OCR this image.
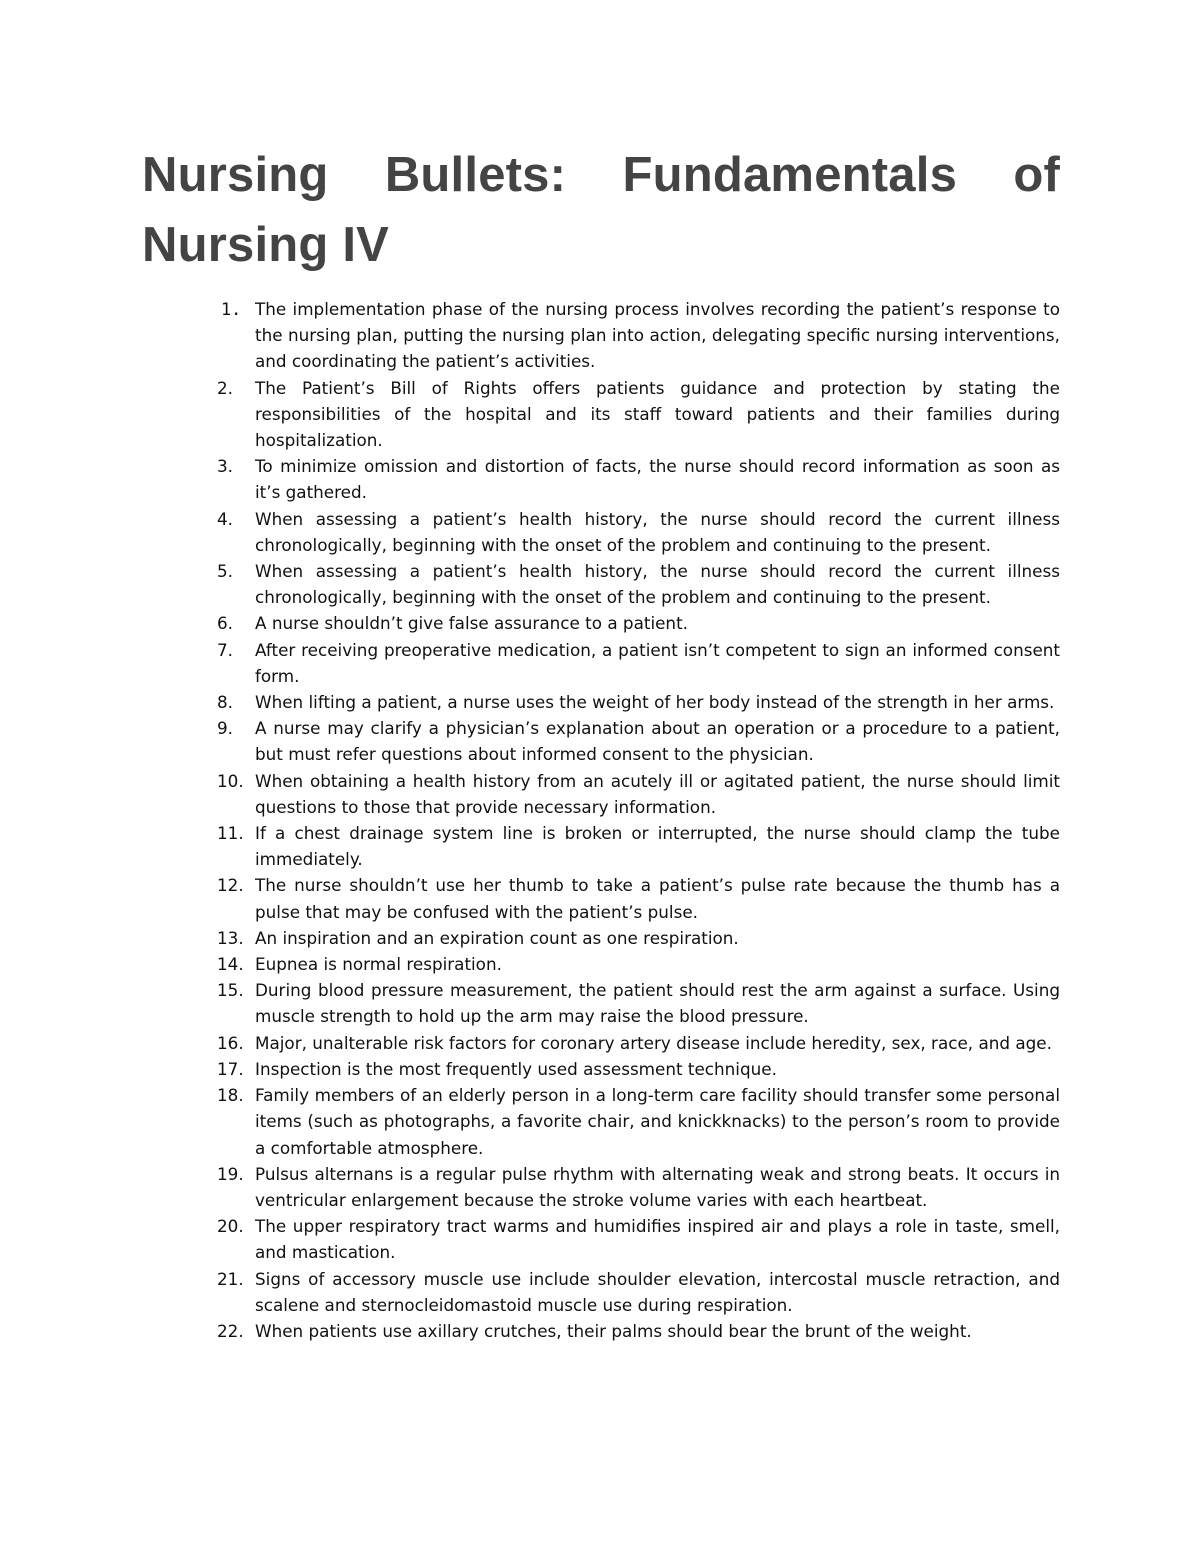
Nursing Bullets: Fundamentals of
Nursing IV
1. The implementation phase of the nursing process involves recording the patient’s response to the nursing plan, putting the nursing plan into action, delegating specific nursing interventions, and coordinating the patient’s activities.
2.	The Patient’s Bill of Rights offers patients guidance and protection by stating the responsibilities of the hospital and its staff toward patients and their families during hospitalization.
3.	To minimize omission and distortion of facts, the nurse should record information as soon as it’s gathered.
4.	When assessing a patient’s health history, the nurse should record the current illness chronologically, beginning with the onset of the problem and continuing to the present.
5.	When assessing a patient’s health history, the nurse should record the current illness chronologically, beginning with the onset of the problem and continuing to the present.
6.	A nurse shouldn’t give false assurance to a patient.
7.	After receiving preoperative medication, a patient isn’t competent to sign an informed consent form.
8.	When lifting a patient, a nurse uses the weight of her body instead of the strength in her arms.
9.	A nurse may clarify a physician’s explanation about an operation or a procedure to a patient, but must refer questions about informed consent to the physician.
10. When obtaining a health history from an acutely ill or agitated patient, the nurse should limit questions to those that provide necessary information.
11. If a chest drainage system line is broken or interrupted, the nurse should clamp the tube immediately.
12. The nurse shouldn’t use her thumb to take a patient’s pulse rate because the thumb has a pulse that may be confused with the patient’s pulse.
13. An inspiration and an expiration count as one respiration.
14. Eupnea is normal respiration.
15. During blood pressure measurement, the patient should rest the arm against a surface. Using muscle strength to hold up the arm may raise the blood pressure.
16. Major, unalterable risk factors for coronary artery disease include heredity, sex, race, and age.
17. Inspection is the most frequently used assessment technique.
18. Family members of an elderly person in a long-term care facility should transfer some personal items (such as photographs, a favorite chair, and knickknacks) to the person’s room to provide a comfortable atmosphere.
19. Pulsus alternans is a regular pulse rhythm with alternating weak and strong beats. It occurs in ventricular enlargement because the stroke volume varies with each heartbeat.
20. The upper respiratory tract warms and humidifies inspired air and plays a role in taste, smell, and mastication.
21. Signs of accessory muscle use include shoulder elevation, intercostal muscle retraction, and scalene and sternocleidomastoid muscle use during respiration.
22. When patients use axillary crutches, their palms should bear the brunt of the weight.
